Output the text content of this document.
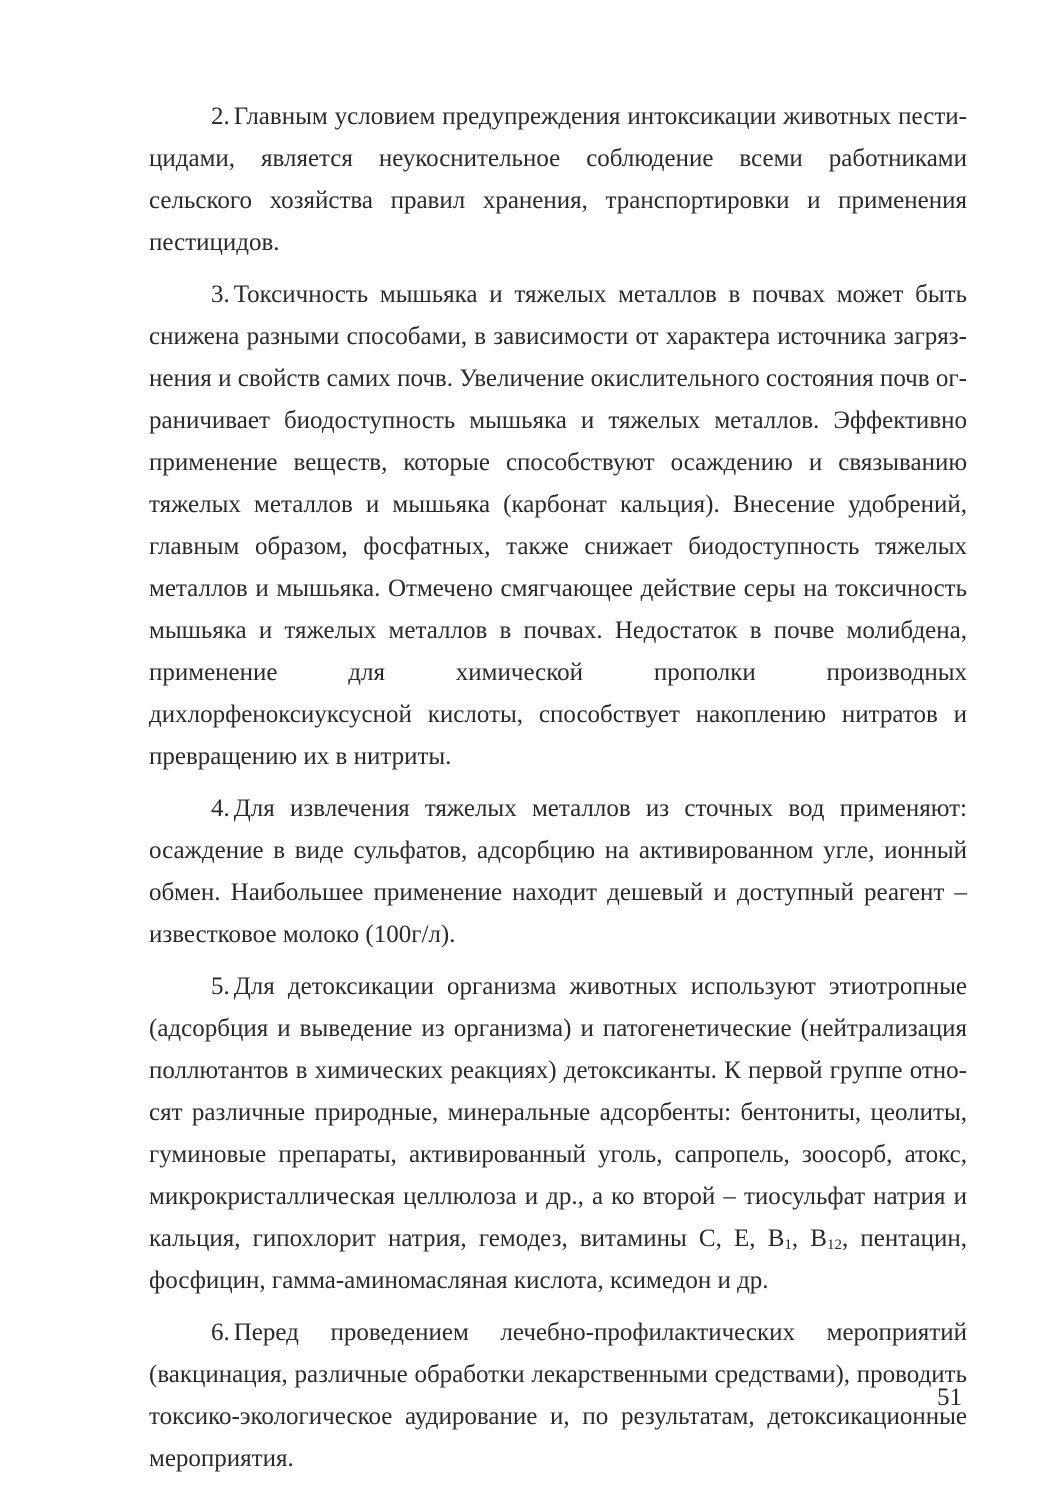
2. Главным условием предупреждения интоксикации животных пестицидами, является неукоснительное соблюдение всеми работниками сельского хозяйства правил хранения, транспортировки и применения пестицидов.

3. Токсичность мышьяка и тяжелых металлов в почвах может быть снижена разными способами, в зависимости от характера источника загрязнения и свойств самих почв. Увеличение окислительного состояния почв ограничивает биодоступность мышьяка и тяжелых металлов. Эффективно применение веществ, которые способствуют осаждению и связыванию тяжелых металлов и мышьяка (карбонат кальция). Внесение удобрений, главным образом, фосфатных, также снижает биодоступность тяжелых металлов и мышьяка. Отмечено смягчающее действие серы на токсичность мышьяка и тяжелых металлов в почвах. Недостаток в почве молибдена, применение для химической прополки производных дихлорфеноксиуксусной кислоты, способствует накоплению нитратов и превращению их в нитриты.

4. Для извлечения тяжелых металлов из сточных вод применяют: осаждение в виде сульфатов, адсорбцию на активированном угле, ионный обмен. Наибольшее применение находит дешевый и доступный реагент – известковое молоко (100г/л).

5. Для детоксикации организма животных используют этиотропные (адсорбция и выведение из организма) и патогенетические (нейтрализация поллютантов в химических реакциях) детоксиканты. К первой группе относят различные природные, минеральные адсорбенты: бентониты, цеолиты, гуминовые препараты, активированный уголь, сапропель, зоосорб, атокс, микрокристаллическая целлюлоза и др., а ко второй – тиосульфат натрия и кальция, гипохлорит натрия, гемодез, витамины С, Е, $В_1$, $В_{12}$, пентацин, фосфицин, гамма-аминомасляная кислота, ксимедон и др.

6. Перед проведением лечебно-профилактических мероприятий (вакцинация, различные обработки лекарственными средствами), проводить токсико-экологическое аудирование и, по результатам, детоксикационные мероприятия.

51
